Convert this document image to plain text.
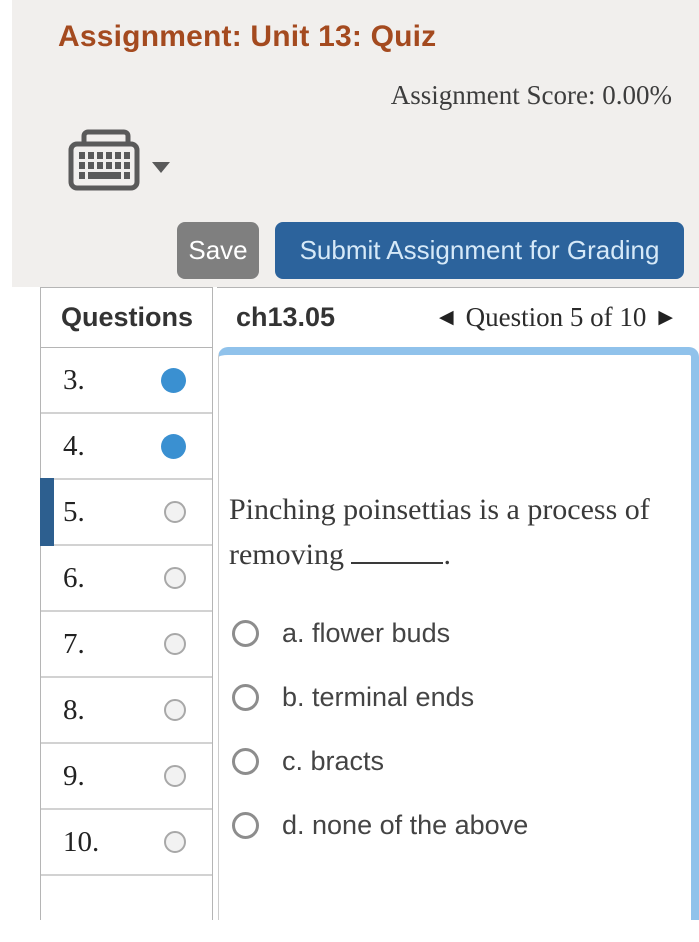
Assignment: Unit 13: Quiz
Assignment Score: 0.00%
Save	Submit Assignment for Grading
Questions
3.
4.
5.
6.
7.
8.
9.
10.
ch13.05	◀ Question 5 of 10 ▶

Pinching poinsettias is a process of removing	.

a. flower buds
b. terminal ends
c. bracts
d. none of the above
